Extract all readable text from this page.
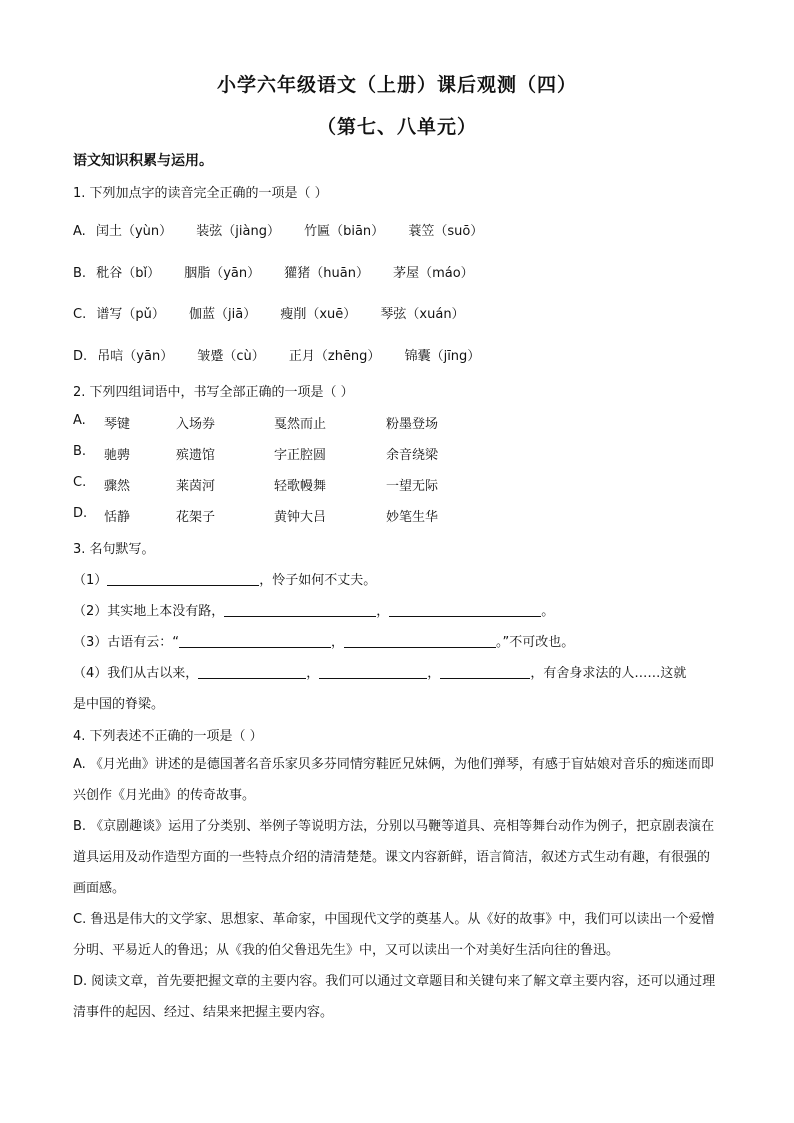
小学六年级语文（上册）课后观测（四）
（第七、八单元）
语文知识积累与运用。
1. 下列加点字的读音完全正确的一项是（ ）
A. 闰土（yùn） 装弦（jiàng） 竹匾（biān） 蓑笠（suō）
B. 秕谷（bǐ） 胭脂（yān） 獾猪（huān） 茅屋（máo）
C. 谱写（pǔ） 伽蓝（jiā） 瘦削（xuē） 琴弦（xuán）
D. 吊唁（yān） 皱蹙（cù） 正月（zhēng） 锦囊（jīng）
2. 下列四组词语中，书写全部正确的一项是（ ）
A. 琴键	入场券	戛然而止	粉墨登场
B. 驰骋	殡遗馆	字正腔圆	余音绕梁
C. 骤然	莱茵河	轻歌幔舞	一望无际
D. 恬静	花架子	黄钟大吕	妙笔生华
3. 名句默写。
（1）	，怜子如何不丈夫。
（2）其实地上本没有路，	，	。
（3）古语有云：“	，	。”不可改也。
（4）我们从古以来，	，	，	，有舍身求法的人……这就
是中国的脊梁。
4. 下列表述不正确的一项是（ ）
A. 《月光曲》讲述的是德国著名音乐家贝多芬同情穷鞋匠兄妹俩，为他们弹琴，有感于盲姑娘对音乐的痴迷而即兴创作《月光曲》的传奇故事。
B. 《京剧趣谈》运用了分类别、举例子等说明方法，分别以马鞭等道具、亮相等舞台动作为例子，把京剧表演在道具运用及动作造型方面的一些特点介绍的清清楚楚。课文内容新鲜，语言简洁，叙述方式生动有趣，有很强的画面感。
C. 鲁迅是伟大的文学家、思想家、革命家，中国现代文学的奠基人。从《好的故事》中，我们可以读出一个爱憎分明、平易近人的鲁迅；从《我的伯父鲁迅先生》中，又可以读出一个对美好生活向往的鲁迅。
D. 阅读文章，首先要把握文章的主要内容。我们可以通过文章题目和关键句来了解文章主要内容，还可以通过理清事件的起因、经过、结果来把握主要内容。
